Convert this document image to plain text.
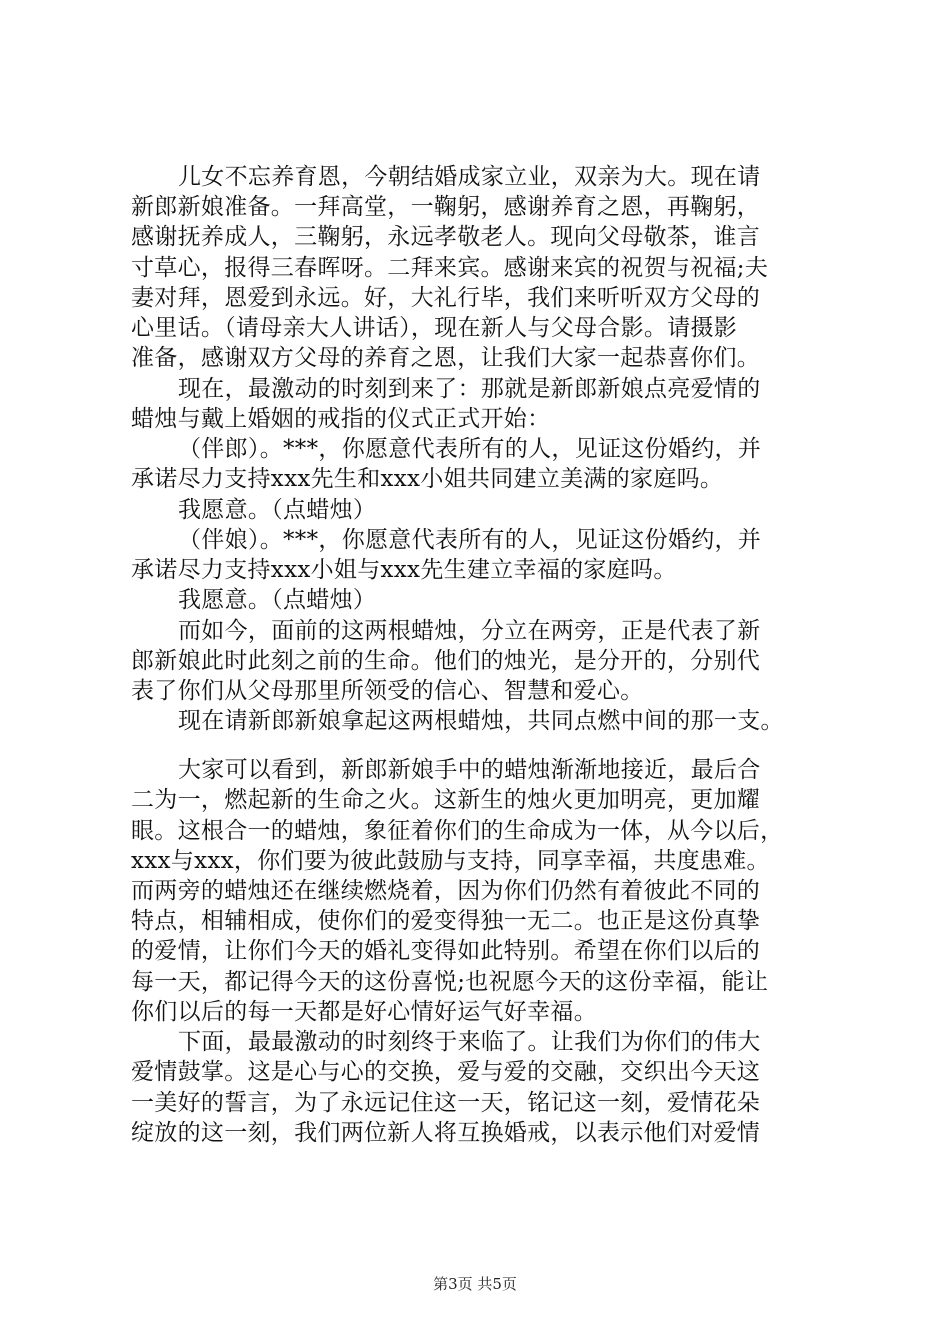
儿女不忘养育恩，今朝结婚成家立业，双亲为大。现在请
新郎新娘准备。一拜高堂，一鞠躬，感谢养育之恩，再鞠躬，
感谢抚养成人，三鞠躬，永远孝敬老人。现向父母敬茶，谁言
寸草心，报得三春晖呀。二拜来宾。感谢来宾的祝贺与祝福;夫
妻对拜，恩爱到永远。好，大礼行毕，我们来听听双方父母的
心里话。（请母亲大人讲话），现在新人与父母合影。请摄影
准备，感谢双方父母的养育之恩，让我们大家一起恭喜你们。
现在，最激动的时刻到来了：那就是新郎新娘点亮爱情的
蜡烛与戴上婚姻的戒指的仪式正式开始：
（伴郎）。***，你愿意代表所有的人，见证这份婚约，并
承诺尽力支持xxx先生和xxx小姐共同建立美满的家庭吗。
我愿意。（点蜡烛）
（伴娘）。***，你愿意代表所有的人，见证这份婚约，并
承诺尽力支持xxx小姐与xxx先生建立幸福的家庭吗。
我愿意。（点蜡烛）
而如今，面前的这两根蜡烛，分立在两旁，正是代表了新
郎新娘此时此刻之前的生命。他们的烛光，是分开的，分别代
表了你们从父母那里所领受的信心、智慧和爱心。
现在请新郎新娘拿起这两根蜡烛，共同点燃中间的那一支。
大家可以看到，新郎新娘手中的蜡烛渐渐地接近，最后合
二为一，燃起新的生命之火。这新生的烛火更加明亮，更加耀
眼。这根合一的蜡烛，象征着你们的生命成为一体，从今以后，
xxx与xxx，你们要为彼此鼓励与支持，同享幸福，共度患难。
而两旁的蜡烛还在继续燃烧着，因为你们仍然有着彼此不同的
特点，相辅相成，使你们的爱变得独一无二。也正是这份真挚
的爱情，让你们今天的婚礼变得如此特别。希望在你们以后的
每一天，都记得今天的这份喜悦;也祝愿今天的这份幸福，能让
你们以后的每一天都是好心情好运气好幸福。
下面，最最激动的时刻终于来临了。让我们为你们的伟大
爱情鼓掌。这是心与心的交换，爱与爱的交融，交织出今天这
一美好的誓言，为了永远记住这一天，铭记这一刻，爱情花朵
绽放的这一刻，我们两位新人将互换婚戒，以表示他们对爱情
第3页 共5页
